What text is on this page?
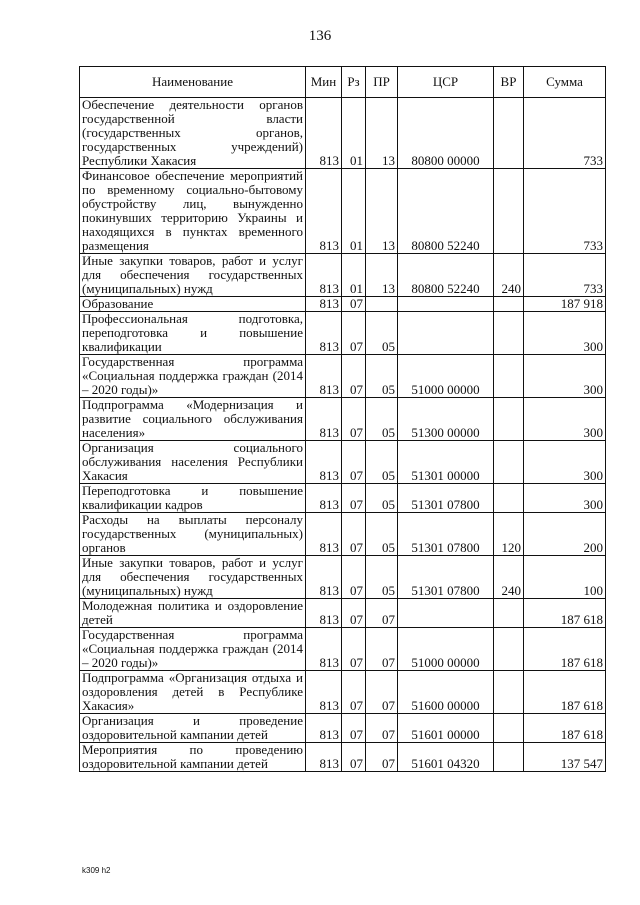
136
Наименование	Мин	Рз	ПР	ЦСР	ВР	Сумма
Обеспечение деятельности органов государственной власти (государственных органов, государственных учреждений) Республики Хакасия	813	01	13	80800 00000		733
Финансовое обеспечение мероприятий по временному социально-бытовому обустройству лиц, вынужденно покинувших территорию Украины и находящихся в пунктах временного размещения	813	01	13	80800 52240		733
Иные закупки товаров, работ и услуг для обеспечения государственных (муниципальных) нужд	813	01	13	80800 52240	240	733
Образование	813	07				187 918
Профессиональная подготовка, переподготовка и повышение квалификации	813	07	05			300
Государственная программа «Социальная поддержка граждан (2014 – 2020 годы)»	813	07	05	51000 00000		300
Подпрограмма «Модернизация и развитие социального обслуживания населения»	813	07	05	51300 00000		300
Организация социального обслуживания населения Республики Хакасия	813	07	05	51301 00000		300
Переподготовка и повышение квалификации кадров	813	07	05	51301 07800		300
Расходы на выплаты персоналу государственных (муниципальных) органов	813	07	05	51301 07800	120	200
Иные закупки товаров, работ и услуг для обеспечения государственных (муниципальных) нужд	813	07	05	51301 07800	240	100
Молодежная политика и оздоровление детей	813	07	07			187 618
Государственная программа «Социальная поддержка граждан (2014 – 2020 годы)»	813	07	07	51000 00000		187 618
Подпрограмма «Организация отдыха и оздоровления детей в Республике Хакасия»	813	07	07	51600 00000		187 618
Организация и проведение оздоровительной кампании детей	813	07	07	51601 00000		187 618
Мероприятия по проведению оздоровительной кампании детей	813	07	07	51601 04320		137 547
k309 h2
